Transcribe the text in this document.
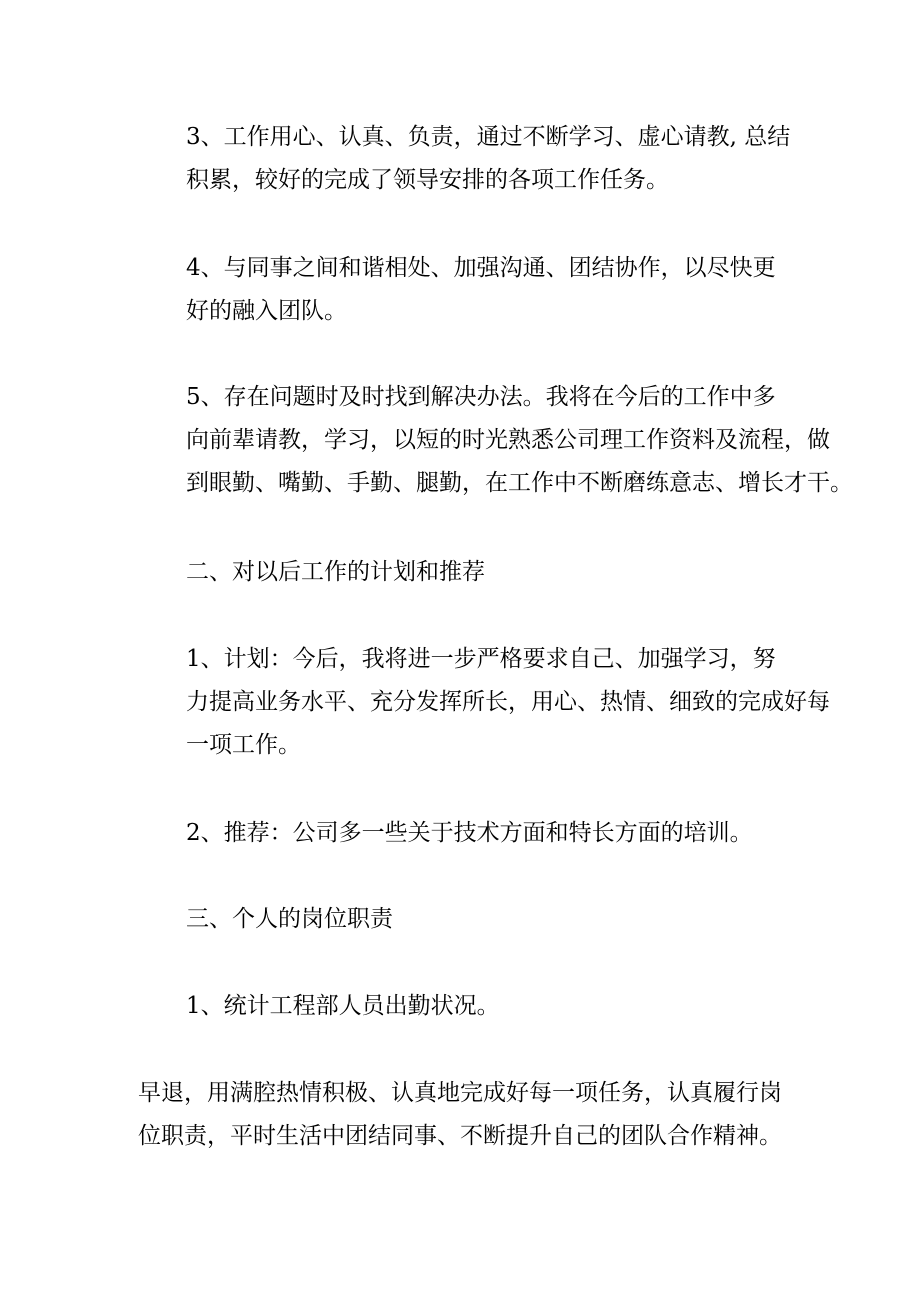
3、工作用心、认真、负责，通过不断学习、虚心请教, 总结
积累，较好的完成了领导安排的各项工作任务。
4、与同事之间和谐相处、加强沟通、团结协作，以尽快更
好的融入团队。
5、存在问题时及时找到解决办法。我将在今后的工作中多
向前辈请教，学习，以短的时光熟悉公司理工作资料及流程，做
到眼勤、嘴勤、手勤、腿勤，在工作中不断磨练意志、增长才干。
二、对以后工作的计划和推荐
1、计划：今后，我将进一步严格要求自己、加强学习，努
力提高业务水平、充分发挥所长，用心、热情、细致的完成好每
一项工作。
2、推荐：公司多一些关于技术方面和特长方面的培训。
三、个人的岗位职责
1、统计工程部人员出勤状况。
早退，用满腔热情积极、认真地完成好每一项任务，认真履行岗
位职责，平时生活中团结同事、不断提升自己的团队合作精神。
